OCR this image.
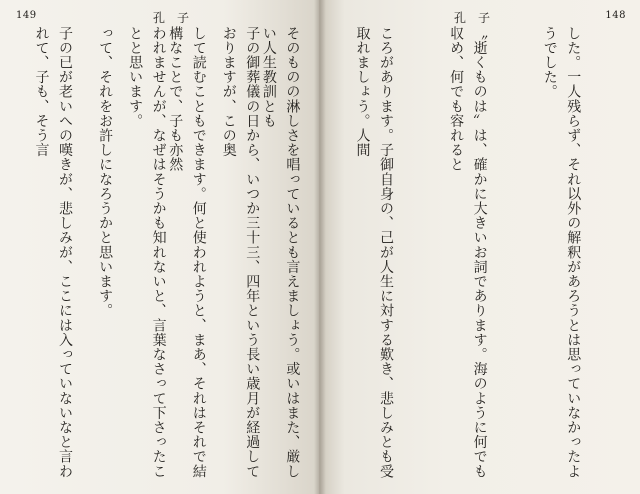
149	孔　子

子の御葬儀の日から、いつか三十三、四年という長い歳月が経過しておりますが、この奥

われませんが、なぜはそうかも知れないと、言葉なさって下さったことと思います。

子の已が老いへの嘆きが、悲しみが、ここには入っていないなと言われて、子も、そう言

148
孔　子

した。一人残らず、それ以外の解釈があろうとは思っていなかったようでした。

〝逝くものは〟は、確かに大きいお詞であります。海のように何でも収め、何でも容れると

ころがあります。子御自身の、己が人生に対する歎き、悲しみとも受取れましょう。人間

そのものの淋しさを唱っているとも言えましょう。或いはまた、厳しい人生教訓とも

して読むこともできます。何と使われようと、まあ、それはそれで結構なことで、子も亦然

って、それをお許しになろうかと思います。
